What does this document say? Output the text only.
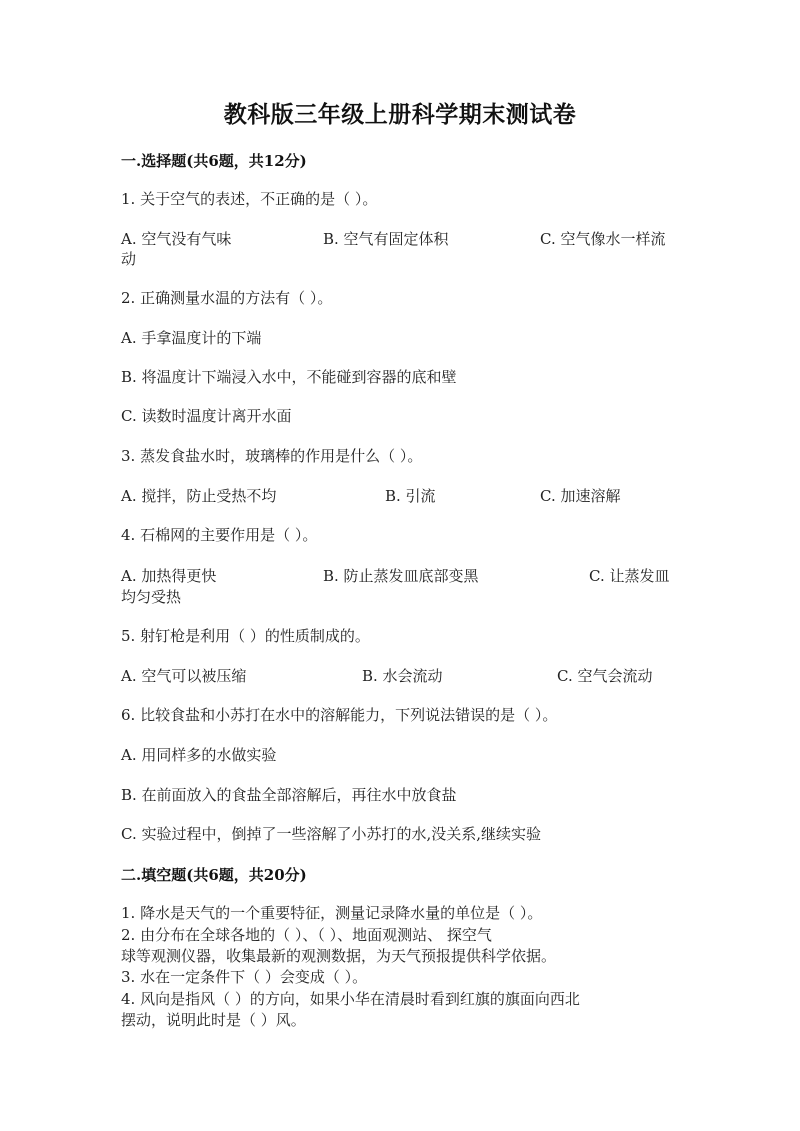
教科版三年级上册科学期末测试卷
一.选择题(共6题，共12分)
1. 关于空气的表述，不正确的是（ ）。
A. 空气没有气味	B. 空气有固定体积	C. 空气像水一样流
动
2. 正确测量水温的方法有（ ）。
A. 手拿温度计的下端
B. 将温度计下端浸入水中，不能碰到容器的底和壁
C. 读数时温度计离开水面
3. 蒸发食盐水时，玻璃棒的作用是什么（ ）。
A. 搅拌，防止受热不均	B. 引流	C. 加速溶解
4. 石棉网的主要作用是（ ）。
A. 加热得更快	B. 防止蒸发皿底部变黑	C. 让蒸发皿
均匀受热
5. 射钉枪是利用（ ）的性质制成的。
A. 空气可以被压缩	B. 水会流动	C. 空气会流动
6. 比较食盐和小苏打在水中的溶解能力，下列说法错误的是（ ）。
A. 用同样多的水做实验
B. 在前面放入的食盐全部溶解后，再往水中放食盐
C. 实验过程中，倒掉了一些溶解了小苏打的水,没关系,继续实验
二.填空题(共6题，共20分)
1. 降水是天气的一个重要特征，测量记录降水量的单位是（ ）。
2. 由分布在全球各地的（ ）、（ ）、地面观测站、 探空气
球等观测仪器，收集最新的观测数据，为天气预报提供科学依据。
3. 水在一定条件下（ ）会变成（ ）。
4. 风向是指风（ ）的方向，如果小华在清晨时看到红旗的旗面向西北
摆动，说明此时是（ ）风。
